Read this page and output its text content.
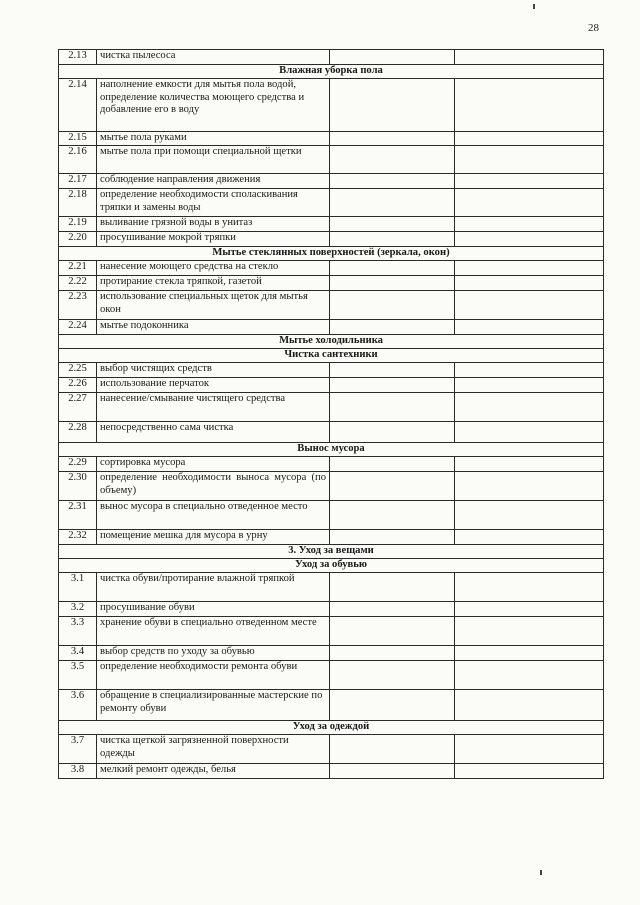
28
2.13	чистка пылесоса		
Влажная уборка пола			
2.14	наполнение емкости для мытья пола водой, определение количества моющего средства и добавление его в воду		
2.15	мытье пола руками		
2.16	мытье пола при помощи специальной щетки		
2.17	соблюдение направления движения		
2.18	определение необходимости споласкивания тряпки и замены воды		
2.19	выливание грязной воды в унитаз		
2.20	просушивание мокрой тряпки		
Мытье стеклянных поверхностей (зеркала, окон)			
2.21	нанесение моющего средства на стекло		
2.22	протирание стекла тряпкой, газетой		
2.23	использование специальных щеток для мытья окон		
2.24	мытье подоконника		
Мытье холодильника			
Чистка сантехники			
2.25	выбор чистящих средств		
2.26	использование перчаток		
2.27	нанесение/смывание чистящего средства		
2.28	непосредственно сама чистка		
Вынос мусора			
2.29	сортировка мусора		
2.30	определение необходимости выноса мусора (по объему)		
2.31	вынос мусора в специально отведенное место		
2.32	помещение мешка для мусора в урну		
3. Уход за вещами			
Уход за обувью			
3.1	чистка обуви/протирание влажной тряпкой		
3.2	просушивание обуви		
3.3	хранение обуви в специально отведенном месте		
3.4	выбор средств по уходу за обувью		
3.5	определение необходимости ремонта обуви		
3.6	обращение в специализированные мастерские по ремонту обуви		
Уход за одеждой			
3.7	чистка щеткой загрязненной поверхности одежды		
3.8	мелкий ремонт одежды, белья		
